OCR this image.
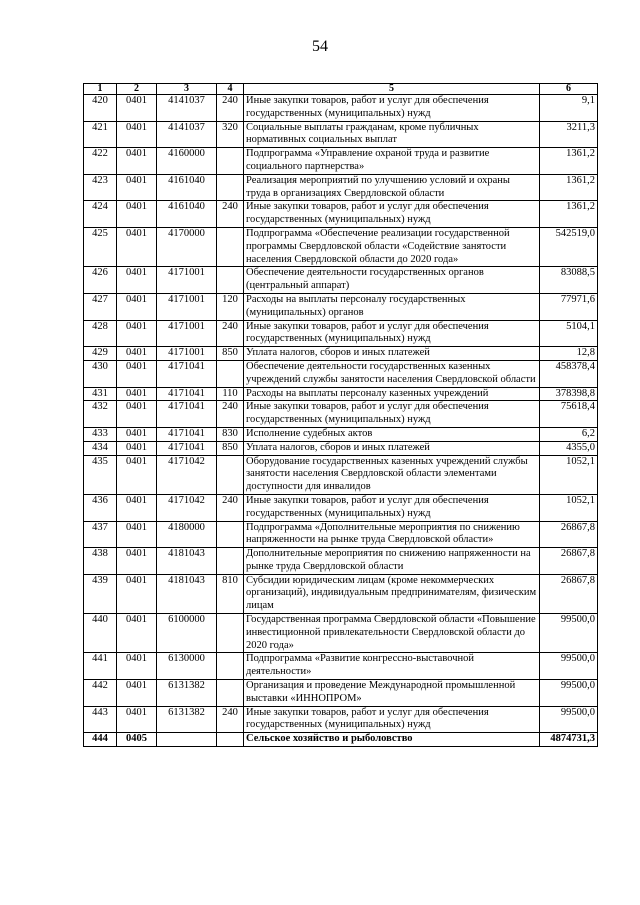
54
1	2	3	4	5	6
420	0401	4141037	240	Иные закупки товаров, работ и услуг для обеспечения государственных (муниципальных) нужд	9,1
421	0401	4141037	320	Социальные выплаты гражданам, кроме публичных нормативных социальных выплат	3211,3
422	0401	4160000		Подпрограмма «Управление охраной труда и развитие социального партнерства»	1361,2
423	0401	4161040		Реализация мероприятий по улучшению условий и охраны труда в организациях Свердловской области	1361,2
424	0401	4161040	240	Иные закупки товаров, работ и услуг для обеспечения государственных (муниципальных) нужд	1361,2
425	0401	4170000		Подпрограмма «Обеспечение реализации государственной программы Свердловской области «Содействие занятости населения Свердловской области до 2020 года»	542519,0
426	0401	4171001		Обеспечение деятельности государственных органов (центральный аппарат)	83088,5
427	0401	4171001	120	Расходы на выплаты персоналу государственных (муниципальных) органов	77971,6
428	0401	4171001	240	Иные закупки товаров, работ и услуг для обеспечения государственных (муниципальных) нужд	5104,1
429	0401	4171001	850	Уплата налогов, сборов и иных платежей	12,8
430	0401	4171041		Обеспечение деятельности государственных казенных учреждений службы занятости населения Свердловской области	458378,4
431	0401	4171041	110	Расходы на выплаты персоналу казенных учреждений	378398,8
432	0401	4171041	240	Иные закупки товаров, работ и услуг для обеспечения государственных (муниципальных) нужд	75618,4
433	0401	4171041	830	Исполнение судебных актов	6,2
434	0401	4171041	850	Уплата налогов, сборов и иных платежей	4355,0
435	0401	4171042		Оборудование государственных казенных учреждений службы занятости населения Свердловской области элементами доступности для инвалидов	1052,1
436	0401	4171042	240	Иные закупки товаров, работ и услуг для обеспечения государственных (муниципальных) нужд	1052,1
437	0401	4180000		Подпрограмма «Дополнительные мероприятия по снижению напряженности на рынке труда Свердловской области»	26867,8
438	0401	4181043		Дополнительные мероприятия по снижению напряженности на рынке труда Свердловской области	26867,8
439	0401	4181043	810	Субсидии юридическим лицам (кроме некоммерческих организаций), индивидуальным предпринимателям, физическим лицам	26867,8
440	0401	6100000		Государственная программа Свердловской области «Повышение инвестиционной привлекательности Свердловской области до 2020 года»	99500,0
441	0401	6130000		Подпрограмма «Развитие конгрессно-выставочной деятельности»	99500,0
442	0401	6131382		Организация и проведение Международной промышленной выставки «ИННОПРОМ»	99500,0
443	0401	6131382	240	Иные закупки товаров, работ и услуг для обеспечения государственных (муниципальных) нужд	99500,0
444	0405			Сельское хозяйство и рыболовство	4874731,3
